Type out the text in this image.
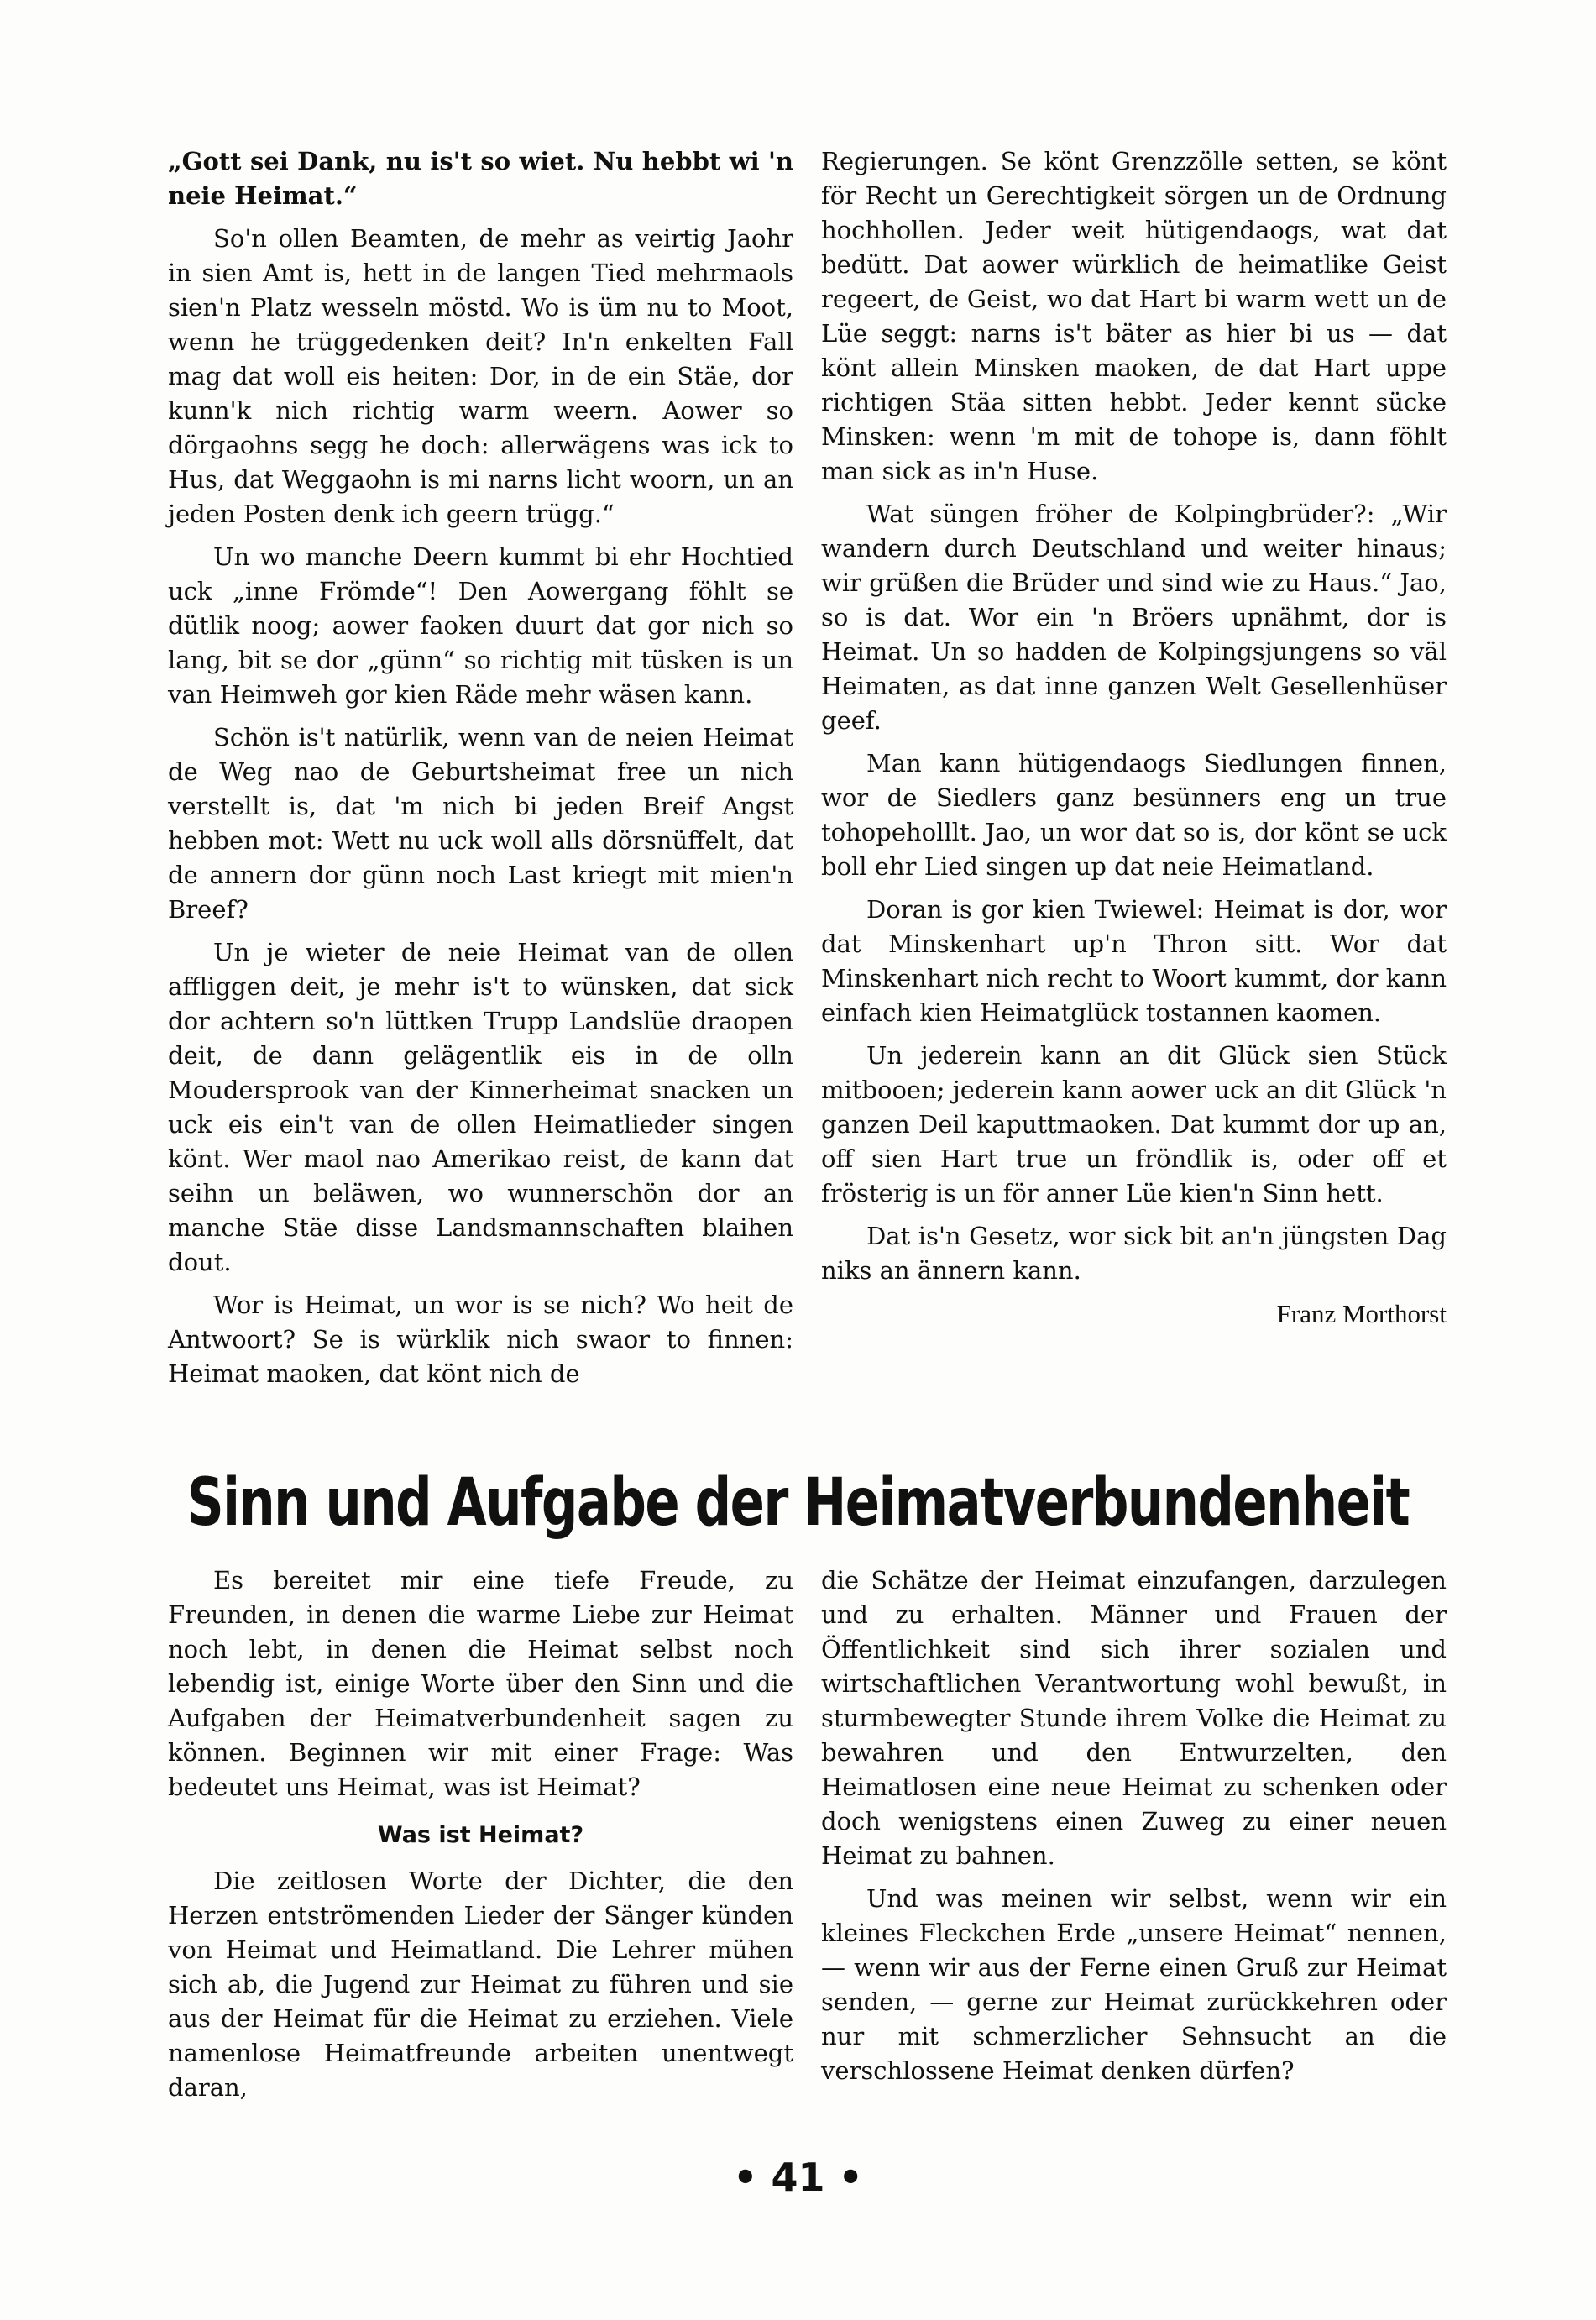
„Gott sei Dank, nu is't so wiet. Nu hebbt wi 'n neie Heimat.“

So'n ollen Beamten, de mehr as veirtig Jaohr in sien Amt is, hett in de langen Tied mehrmaols sien'n Platz wesseln möstd. Wo is üm nu to Moot, wenn he trüggedenken deit? In'n enkelten Fall mag dat woll eis heiten: Dor, in de ein Stäe, dor kunn'k nich richtig warm weern. Aower so dörgaohns segg he doch: allerwägens was ick to Hus, dat Weggaohn is mi narns licht woorn, un an jeden Posten denk ich geern trügg.“

Un wo manche Deern kummt bi ehr Hochtied uck „inne Frömde“! Den Aowergang föhlt se dütlik noog; aower faoken duurt dat gor nich so lang, bit se dor „günn“ so richtig mit tüsken is un van Heimweh gor kien Räde mehr wäsen kann.

Schön is't natürlik, wenn van de neien Heimat de Weg nao de Geburtsheimat free un nich verstellt is, dat 'm nich bi jeden Breif Angst hebben mot: Wett nu uck woll alls dörsnüffelt, dat de annern dor günn noch Last kriegt mit mien'n Breef?

Un je wieter de neie Heimat van de ollen affliggen deit, je mehr is't to wünsken, dat sick dor achtern so'n lüttken Trupp Landslüe draopen deit, de dann gelägentlik eis in de olln Moudersprook van der Kinnerheimat snacken un uck eis ein't van de ollen Heimatlieder singen könt. Wer maol nao Amerikao reist, de kann dat seihn un beläwen, wo wunnerschön dor an manche Stäe disse Landsmannschaften blaihen dout.

Wor is Heimat, un wor is se nich? Wo heit de Antwoort? Se is würklik nich swaor to finnen: Heimat maoken, dat könt nich de

Regierungen. Se könt Grenzzölle setten, se könt för Recht un Gerechtigkeit sörgen un de Ordnung hochhollen. Jeder weit hütigendaogs, wat dat bedütt. Dat aower würklich de heimatlike Geist regeert, de Geist, wo dat Hart bi warm wett un de Lüe seggt: narns is't bäter as hier bi us — dat könt allein Minsken maoken, de dat Hart uppe richtigen Stäa sitten hebbt. Jeder kennt sücke Minsken: wenn 'm mit de tohope is, dann föhlt man sick as in'n Huse.

Wat süngen fröher de Kolpingbrüder?: „Wir wandern durch Deutschland und weiter hinaus; wir grüßen die Brüder und sind wie zu Haus.“ Jao, so is dat. Wor ein 'n Bröers upnähmt, dor is Heimat. Un so hadden de Kolpingsjungens so väl Heimaten, as dat inne ganzen Welt Gesellenhüser geef.

Man kann hütigendaogs Siedlungen finnen, wor de Siedlers ganz besünners eng un true tohopeholllt. Jao, un wor dat so is, dor könt se uck boll ehr Lied singen up dat neie Heimatland.

Doran is gor kien Twiewel: Heimat is dor, wor dat Minskenhart up'n Thron sitt. Wor dat Minskenhart nich recht to Woort kummt, dor kann einfach kien Heimatglück tostannen kaomen.

Un jederein kann an dit Glück sien Stück mitbooen; jederein kann aower uck an dit Glück 'n ganzen Deil kaputtmaoken. Dat kummt dor up an, off sien Hart true un fröndlik is, oder off et frösterig is un för anner Lüe kien'n Sinn hett.

Dat is'n Gesetz, wor sick bit an'n jüngsten Dag niks an ännern kann.

Franz Morthorst

Sinn und Aufgabe der Heimatverbundenheit

Es bereitet mir eine tiefe Freude, zu Freunden, in denen die warme Liebe zur Heimat noch lebt, in denen die Heimat selbst noch lebendig ist, einige Worte über den Sinn und die Aufgaben der Heimatverbundenheit sagen zu können. Beginnen wir mit einer Frage: Was bedeutet uns Heimat, was ist Heimat?

Was ist Heimat?

Die zeitlosen Worte der Dichter, die den Herzen entströmenden Lieder der Sänger künden von Heimat und Heimatland. Die Lehrer mühen sich ab, die Jugend zur Heimat zu führen und sie aus der Heimat für die Heimat zu erziehen. Viele namenlose Heimatfreunde arbeiten unentwegt daran,

die Schätze der Heimat einzufangen, darzulegen und zu erhalten. Männer und Frauen der Öffentlichkeit sind sich ihrer sozialen und wirtschaftlichen Verantwortung wohl bewußt, in sturmbewegter Stunde ihrem Volke die Heimat zu bewahren und den Entwurzelten, den Heimatlosen eine neue Heimat zu schenken oder doch wenigstens einen Zuweg zu einer neuen Heimat zu bahnen.

Und was meinen wir selbst, wenn wir ein kleines Fleckchen Erde „unsere Heimat“ nennen, — wenn wir aus der Ferne einen Gruß zur Heimat senden, — gerne zur Heimat zurückkehren oder nur mit schmerzlicher Sehnsucht an die verschlossene Heimat denken dürfen?

• 41 •
